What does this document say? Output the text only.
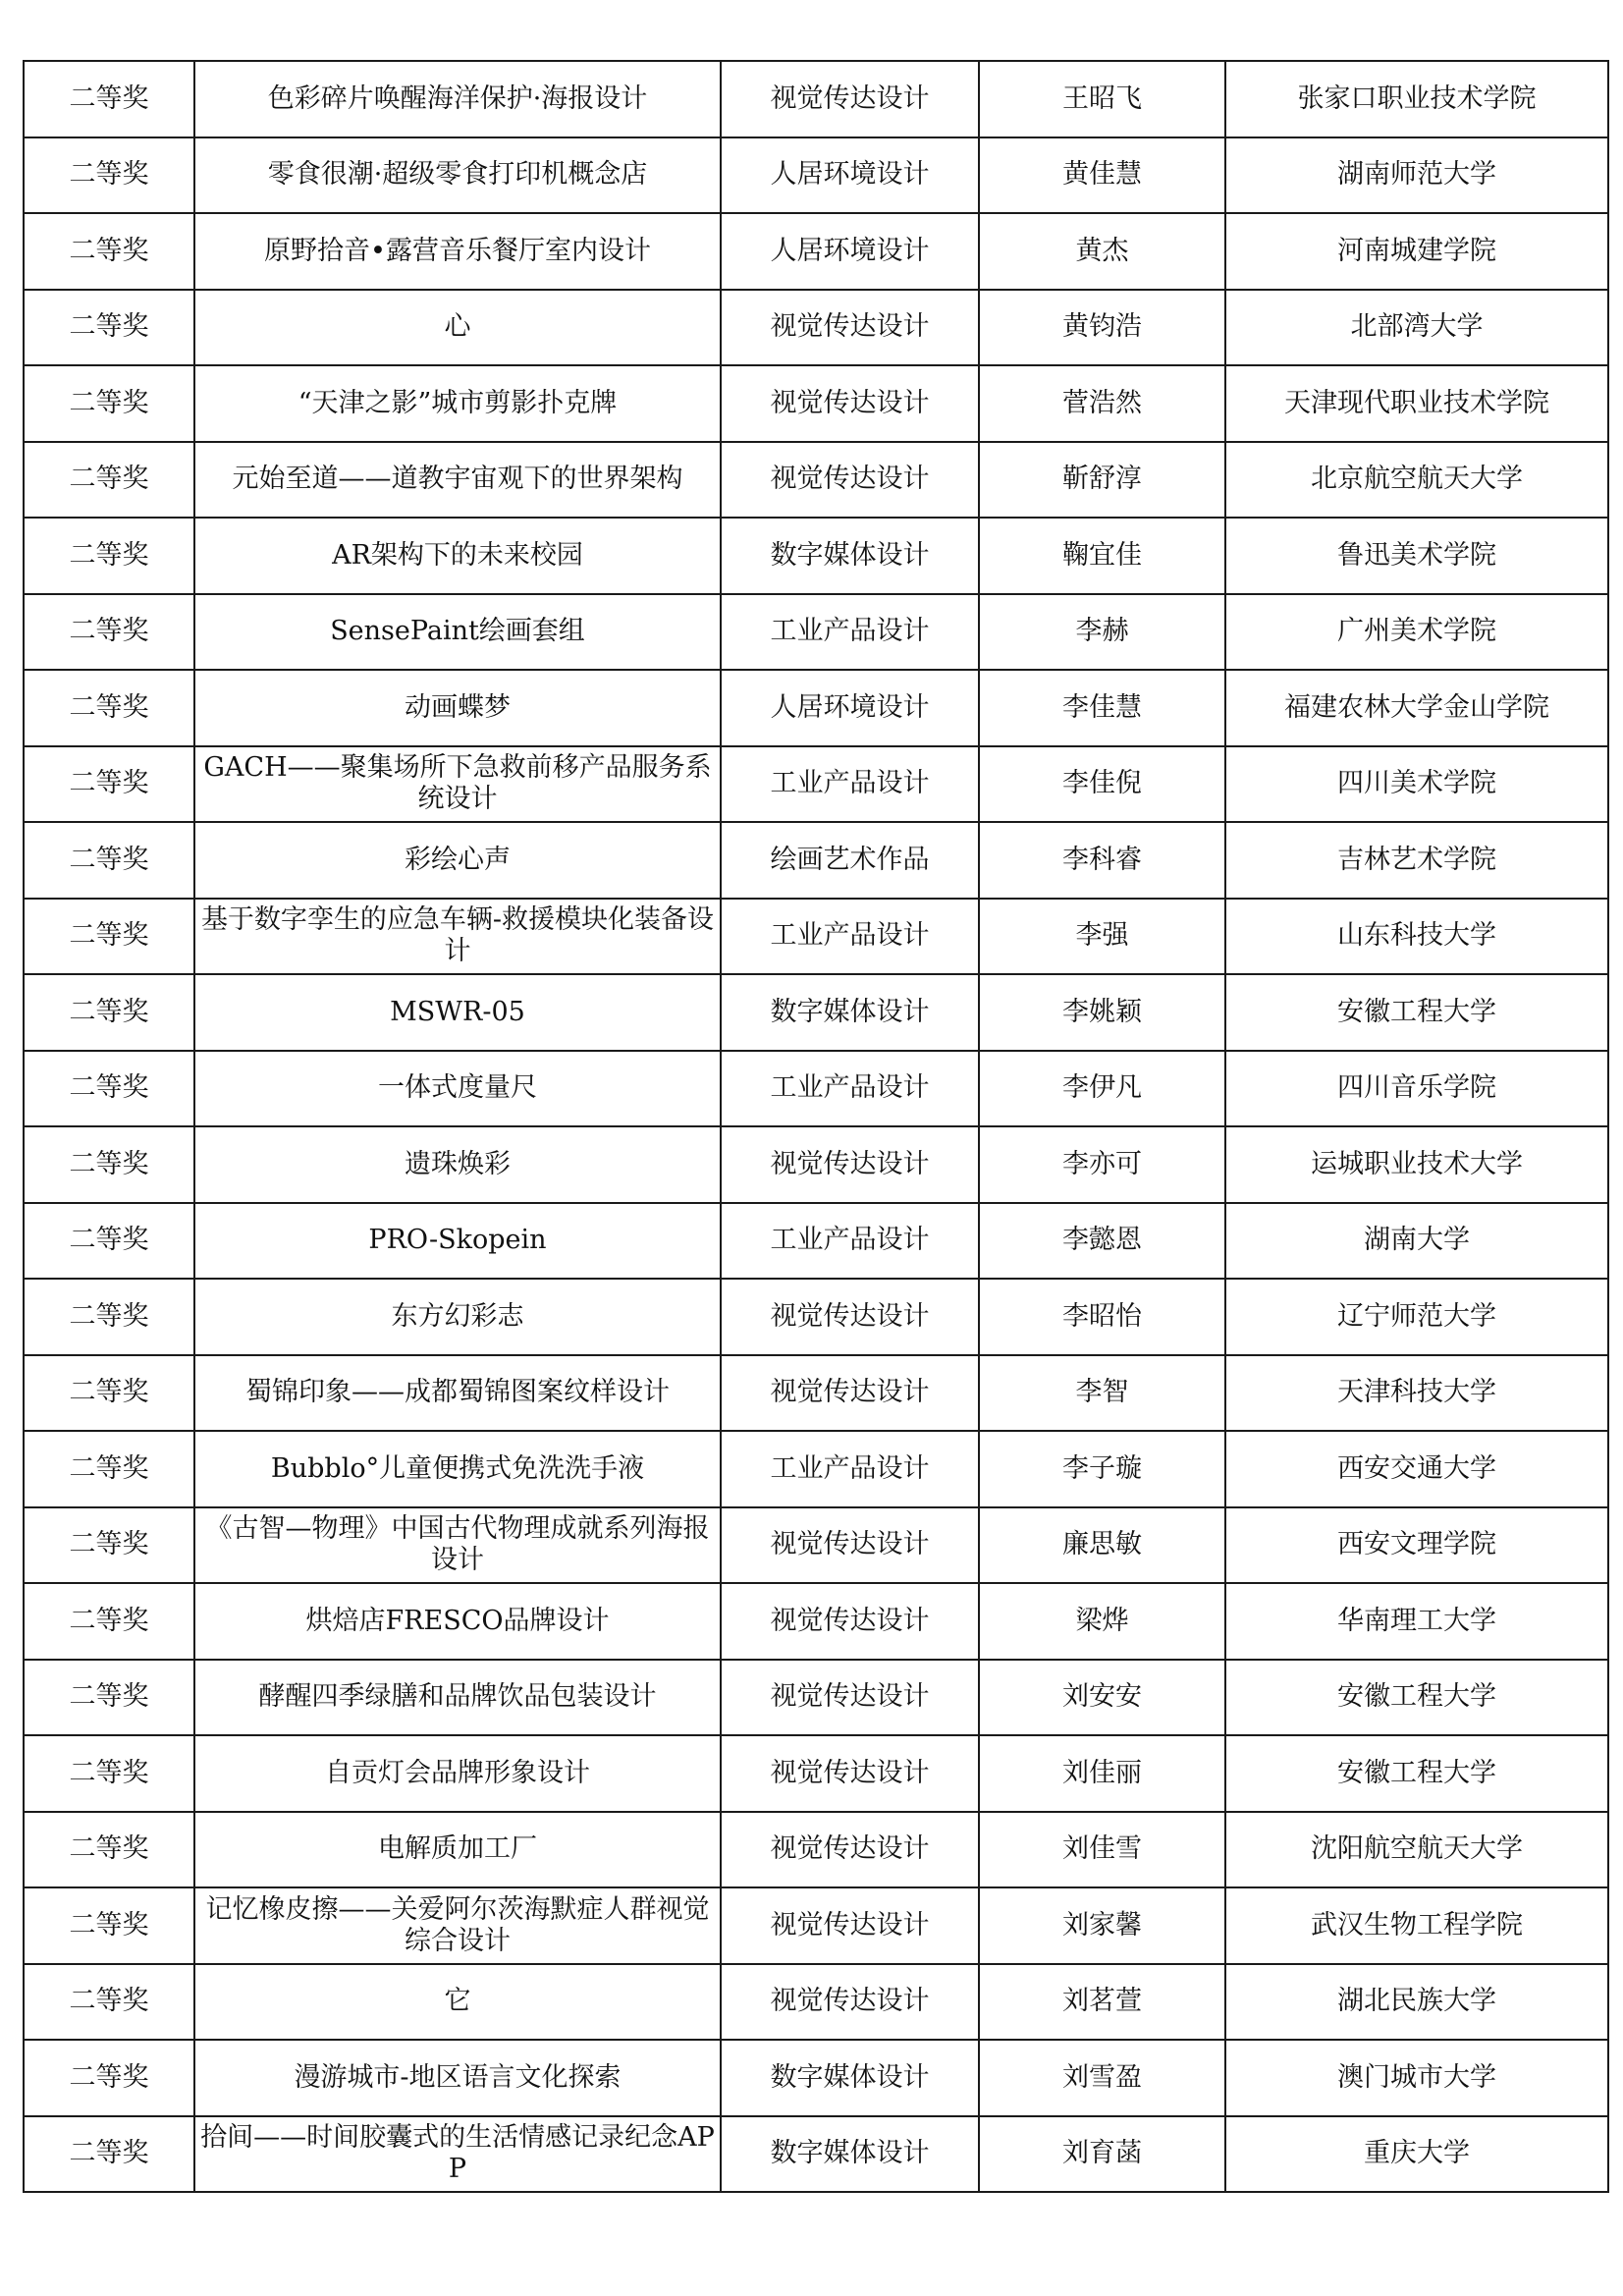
二等奖	色彩碎片唤醒海洋保护·海报设计	视觉传达设计	王昭飞	张家口职业技术学院
二等奖	零食很潮·超级零食打印机概念店	人居环境设计	黄佳慧	湖南师范大学
二等奖	原野拾音•露营音乐餐厅室内设计	人居环境设计	黄杰	河南城建学院
二等奖	心	视觉传达设计	黄钧浩	北部湾大学
二等奖	“天津之影”城市剪影扑克牌	视觉传达设计	菅浩然	天津现代职业技术学院
二等奖	元始至道——道教宇宙观下的世界架构	视觉传达设计	靳舒淳	北京航空航天大学
二等奖	AR架构下的未来校园	数字媒体设计	鞠宜佳	鲁迅美术学院
二等奖	SensePaint绘画套组	工业产品设计	李赫	广州美术学院
二等奖	动画蝶梦	人居环境设计	李佳慧	福建农林大学金山学院
二等奖	GACH——聚集场所下急救前移产品服务系统设计	工业产品设计	李佳倪	四川美术学院
二等奖	彩绘心声	绘画艺术作品	李科睿	吉林艺术学院
二等奖	基于数字孪生的应急车辆-救援模块化装备设计	工业产品设计	李强	山东科技大学
二等奖	MSWR-05	数字媒体设计	李姚颖	安徽工程大学
二等奖	一体式度量尺	工业产品设计	李伊凡	四川音乐学院
二等奖	遗珠焕彩	视觉传达设计	李亦可	运城职业技术大学
二等奖	PRO-Skopein	工业产品设计	李懿恩	湖南大学
二等奖	东方幻彩志	视觉传达设计	李昭怡	辽宁师范大学
二等奖	蜀锦印象——成都蜀锦图案纹样设计	视觉传达设计	李智	天津科技大学
二等奖	Bubblo°儿童便携式免洗洗手液	工业产品设计	李子璇	西安交通大学
二等奖	《古智—物理》中国古代物理成就系列海报设计	视觉传达设计	廉思敏	西安文理学院
二等奖	烘焙店FRESCO品牌设计	视觉传达设计	梁烨	华南理工大学
二等奖	酵醒四季绿膳和品牌饮品包装设计	视觉传达设计	刘安安	安徽工程大学
二等奖	自贡灯会品牌形象设计	视觉传达设计	刘佳丽	安徽工程大学
二等奖	电解质加工厂	视觉传达设计	刘佳雪	沈阳航空航天大学
二等奖	记忆橡皮擦——关爱阿尔茨海默症人群视觉综合设计	视觉传达设计	刘家馨	武汉生物工程学院
二等奖	它	视觉传达设计	刘茗萱	湖北民族大学
二等奖	漫游城市-地区语言文化探索	数字媒体设计	刘雪盈	澳门城市大学
二等奖	拾间——时间胶囊式的生活情感记录纪念APP	数字媒体设计	刘育菡	重庆大学
